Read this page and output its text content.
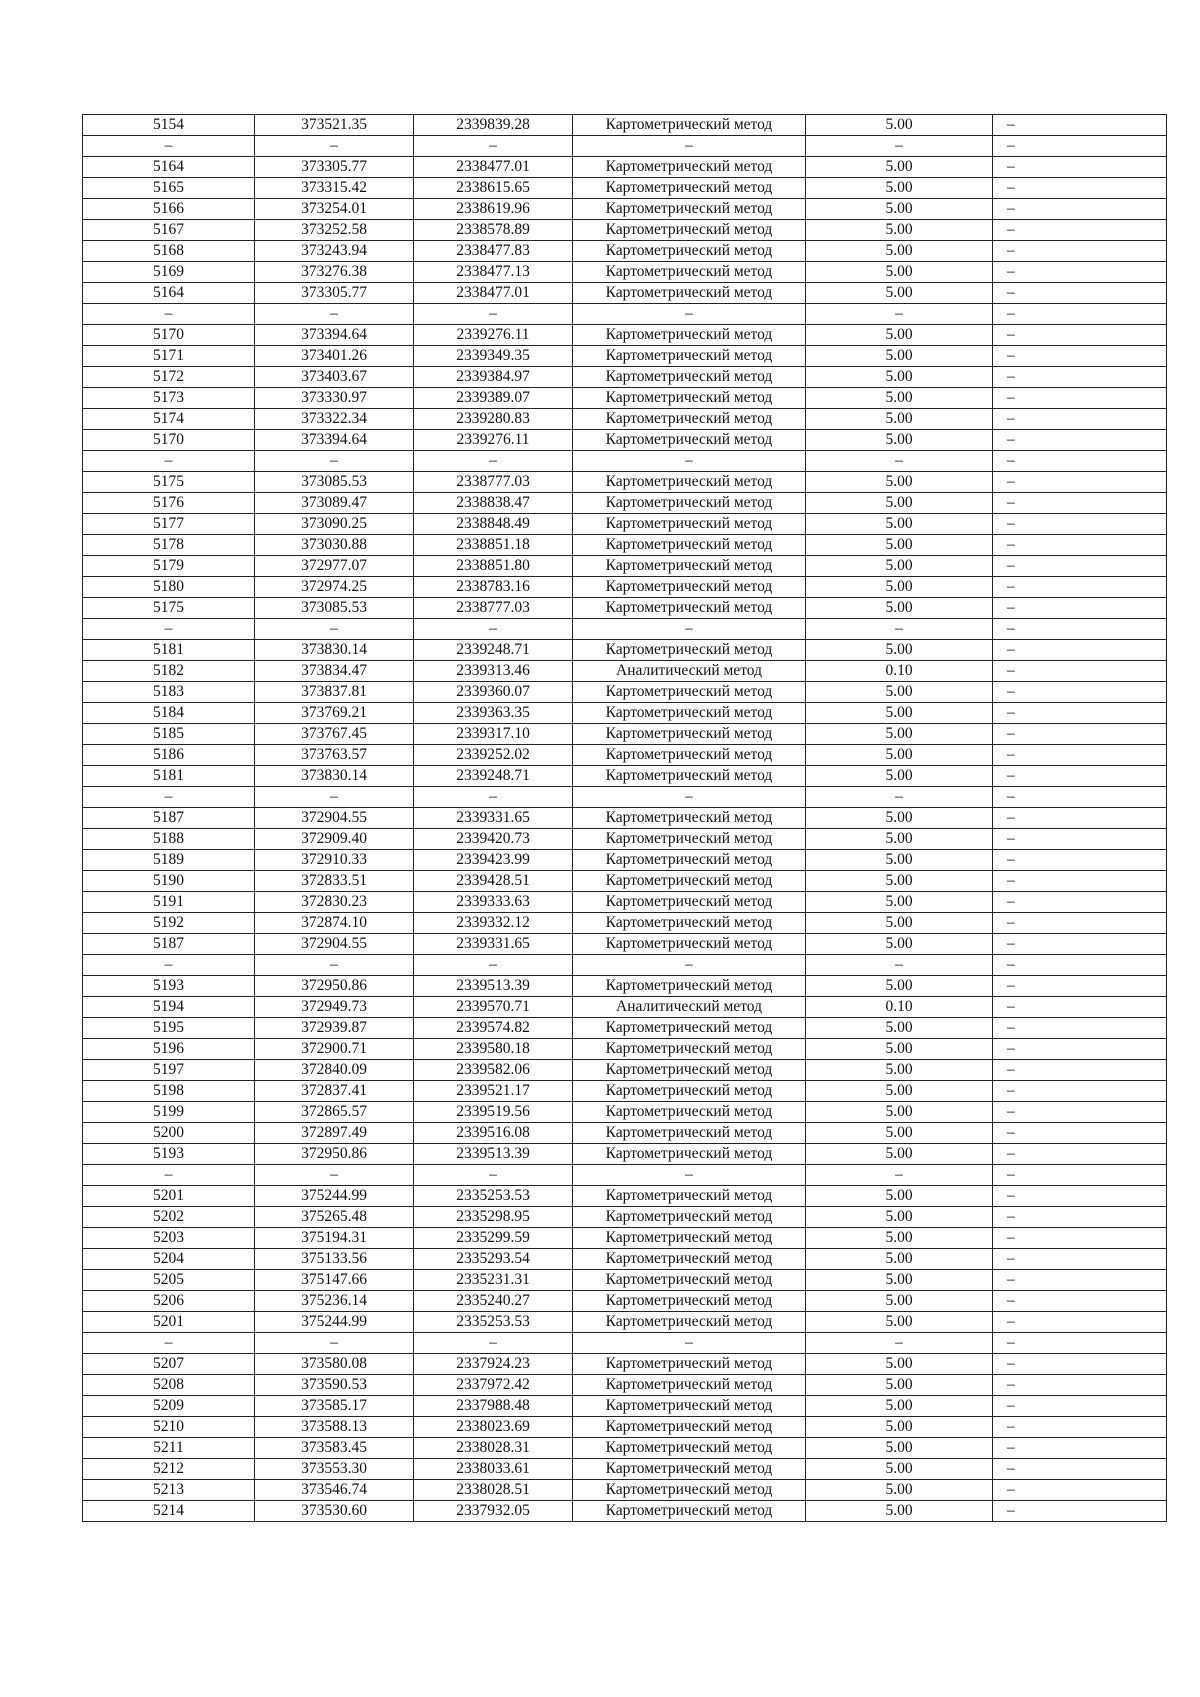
5154	373521.35	2339839.28	Картометрический метод	5.00	–
–	–	–	–	–	–
5164	373305.77	2338477.01	Картометрический метод	5.00	–
5165	373315.42	2338615.65	Картометрический метод	5.00	–
5166	373254.01	2338619.96	Картометрический метод	5.00	–
5167	373252.58	2338578.89	Картометрический метод	5.00	–
5168	373243.94	2338477.83	Картометрический метод	5.00	–
5169	373276.38	2338477.13	Картометрический метод	5.00	–
5164	373305.77	2338477.01	Картометрический метод	5.00	–
–	–	–	–	–	–
5170	373394.64	2339276.11	Картометрический метод	5.00	–
5171	373401.26	2339349.35	Картометрический метод	5.00	–
5172	373403.67	2339384.97	Картометрический метод	5.00	–
5173	373330.97	2339389.07	Картометрический метод	5.00	–
5174	373322.34	2339280.83	Картометрический метод	5.00	–
5170	373394.64	2339276.11	Картометрический метод	5.00	–
–	–	–	–	–	–
5175	373085.53	2338777.03	Картометрический метод	5.00	–
5176	373089.47	2338838.47	Картометрический метод	5.00	–
5177	373090.25	2338848.49	Картометрический метод	5.00	–
5178	373030.88	2338851.18	Картометрический метод	5.00	–
5179	372977.07	2338851.80	Картометрический метод	5.00	–
5180	372974.25	2338783.16	Картометрический метод	5.00	–
5175	373085.53	2338777.03	Картометрический метод	5.00	–
–	–	–	–	–	–
5181	373830.14	2339248.71	Картометрический метод	5.00	–
5182	373834.47	2339313.46	Аналитический метод	0.10	–
5183	373837.81	2339360.07	Картометрический метод	5.00	–
5184	373769.21	2339363.35	Картометрический метод	5.00	–
5185	373767.45	2339317.10	Картометрический метод	5.00	–
5186	373763.57	2339252.02	Картометрический метод	5.00	–
5181	373830.14	2339248.71	Картометрический метод	5.00	–
–	–	–	–	–	–
5187	372904.55	2339331.65	Картометрический метод	5.00	–
5188	372909.40	2339420.73	Картометрический метод	5.00	–
5189	372910.33	2339423.99	Картометрический метод	5.00	–
5190	372833.51	2339428.51	Картометрический метод	5.00	–
5191	372830.23	2339333.63	Картометрический метод	5.00	–
5192	372874.10	2339332.12	Картометрический метод	5.00	–
5187	372904.55	2339331.65	Картометрический метод	5.00	–
–	–	–	–	–	–
5193	372950.86	2339513.39	Картометрический метод	5.00	–
5194	372949.73	2339570.71	Аналитический метод	0.10	–
5195	372939.87	2339574.82	Картометрический метод	5.00	–
5196	372900.71	2339580.18	Картометрический метод	5.00	–
5197	372840.09	2339582.06	Картометрический метод	5.00	–
5198	372837.41	2339521.17	Картометрический метод	5.00	–
5199	372865.57	2339519.56	Картометрический метод	5.00	–
5200	372897.49	2339516.08	Картометрический метод	5.00	–
5193	372950.86	2339513.39	Картометрический метод	5.00	–
–	–	–	–	–	–
5201	375244.99	2335253.53	Картометрический метод	5.00	–
5202	375265.48	2335298.95	Картометрический метод	5.00	–
5203	375194.31	2335299.59	Картометрический метод	5.00	–
5204	375133.56	2335293.54	Картометрический метод	5.00	–
5205	375147.66	2335231.31	Картометрический метод	5.00	–
5206	375236.14	2335240.27	Картометрический метод	5.00	–
5201	375244.99	2335253.53	Картометрический метод	5.00	–
–	–	–	–	–	–
5207	373580.08	2337924.23	Картометрический метод	5.00	–
5208	373590.53	2337972.42	Картометрический метод	5.00	–
5209	373585.17	2337988.48	Картометрический метод	5.00	–
5210	373588.13	2338023.69	Картометрический метод	5.00	–
5211	373583.45	2338028.31	Картометрический метод	5.00	–
5212	373553.30	2338033.61	Картометрический метод	5.00	–
5213	373546.74	2338028.51	Картометрический метод	5.00	–
5214	373530.60	2337932.05	Картометрический метод	5.00	–
